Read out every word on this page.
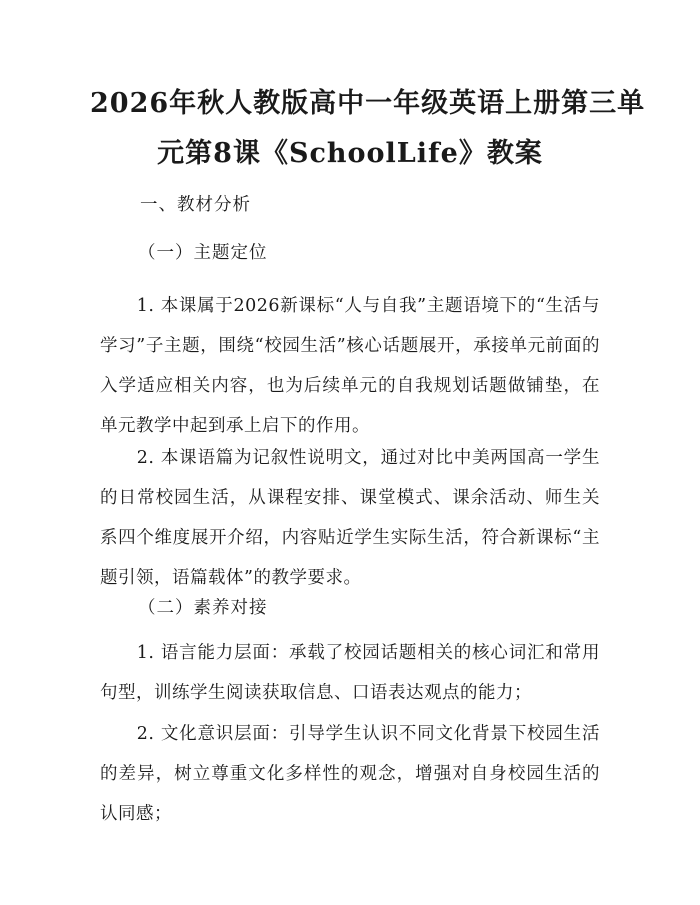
2026年秋人教版高中一年级英语上册第三单
元第8课《SchoolLife》教案
一、教材分析
（一）主题定位
1. 本课属于2026新课标“人与自我”主题语境下的“生活与学习”子主题，围绕“校园生活”核心话题展开，承接单元前面的入学适应相关内容，也为后续单元的自我规划话题做铺垫，在单元教学中起到承上启下的作用。
2. 本课语篇为记叙性说明文，通过对比中美两国高一学生的日常校园生活，从课程安排、课堂模式、课余活动、师生关系四个维度展开介绍，内容贴近学生实际生活，符合新课标“主题引领，语篇载体”的教学要求。
（二）素养对接
1. 语言能力层面：承载了校园话题相关的核心词汇和常用句型，训练学生阅读获取信息、口语表达观点的能力；
2. 文化意识层面：引导学生认识不同文化背景下校园生活的差异，树立尊重文化多样性的观念，增强对自身校园生活的认同感；
